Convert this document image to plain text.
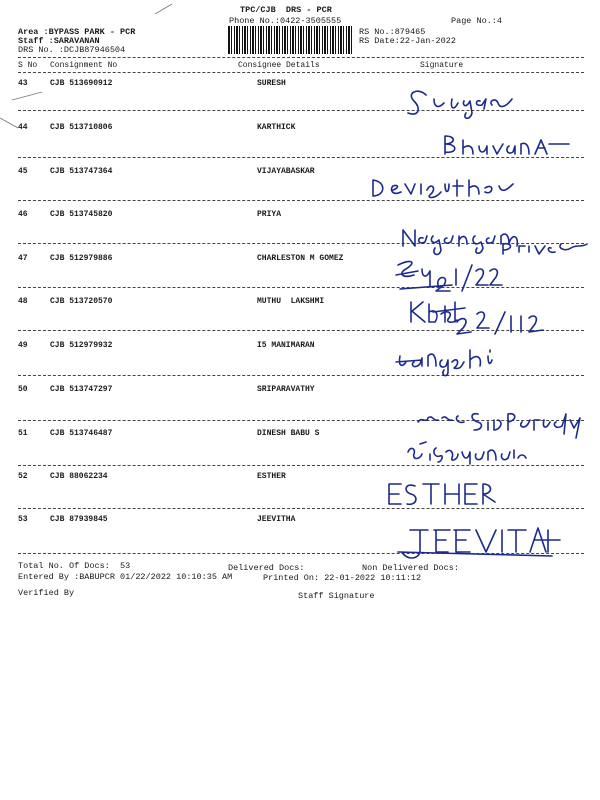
TPC/CJB  DRS - PCR
Phone No.:0422-3505555	Page No.:4
Area :BYPASS PARK - PCR
Staff :SARAVANAN
DRS No. :DCJB87946504
RS No.:879465
RS Date:22-Jan-2022
S No Consignment No	Consignee Details	Signature
43	CJB 513690912	SURESH
44	CJB 513710806	KARTHICK
45	CJB 513747364	VIJAYABASKAR
46	CJB 513745820	PRIYA
47	CJB 512979886	CHARLESTON M GOMEZ
48	CJB 513720570	MUTHU  LAKSHMI
49	CJB 512979932	I5 MANIMARAN
50	CJB 513747297	SRIPARAVATHY
51	CJB 513746487	DINESH BABU S
52	CJB 88062234	ESTHER
53	CJB 87939845	JEEVITHA
Total No. Of Docs:  53	Delivered Docs:	Non Delivered Docs:
Entered By :BABUPCR 01/22/2022 10:10:35 AM	Printed On: 22-01-2022 10:11:12
Verified By	Staff Signature
